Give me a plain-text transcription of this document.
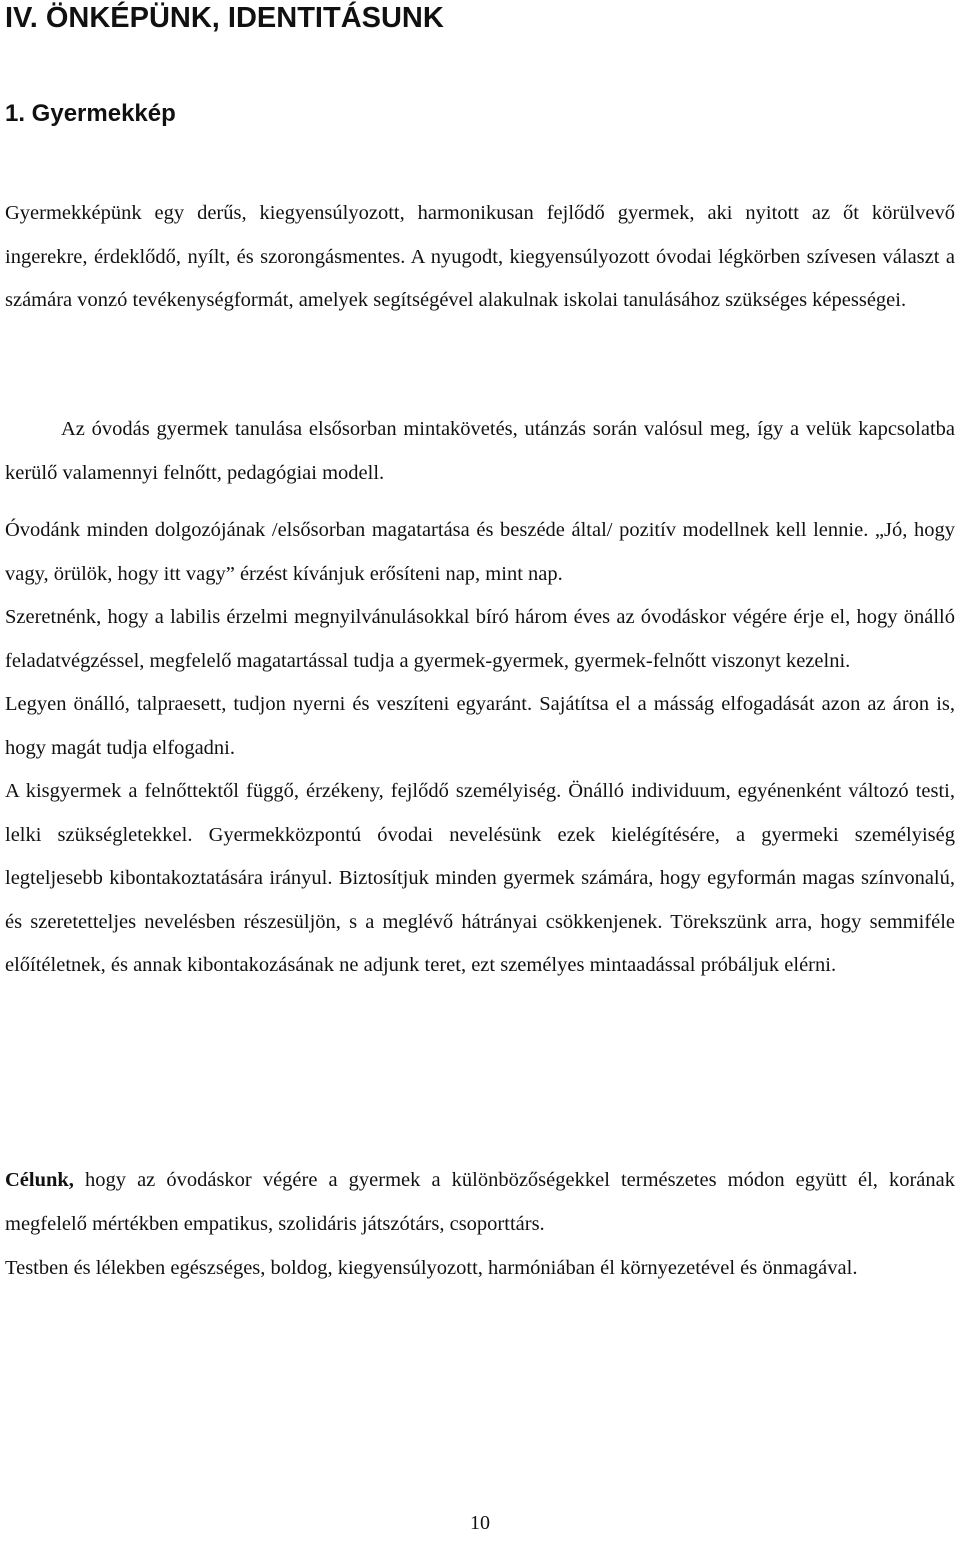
IV. ÖNKÉPÜNK, IDENTITÁSUNK
1. Gyermekkép

Gyermekképünk egy derűs, kiegyensúlyozott, harmonikusan fejlődő gyermek, aki nyitott az őt körülvevő ingerekre, érdeklődő, nyílt, és szorongásmentes. A nyugodt, kiegyensúlyozott óvodai légkörben szívesen választ a számára vonzó tevékenységformát, amelyek segítségével alakulnak iskolai tanulásához szükséges képességei.

Az óvodás gyermek tanulása elsősorban mintakövetés, utánzás során valósul meg, így a velük kapcsolatba kerülő valamennyi felnőtt, pedagógiai modell.

Óvodánk minden dolgozójának /elsősorban magatartása és beszéde által/ pozitív modellnek kell lennie. „Jó, hogy vagy, örülök, hogy itt vagy” érzést kívánjuk erősíteni nap, mint nap.

Szeretnénk, hogy a labilis érzelmi megnyilvánulásokkal bíró három éves az óvodáskor végére érje el, hogy önálló feladatvégzéssel, megfelelő magatartással tudja a gyermek-gyermek, gyermek-felnőtt viszonyt kezelni.

Legyen önálló, talpraesett, tudjon nyerni és veszíteni egyaránt. Sajátítsa el a másság elfogadását azon az áron is, hogy magát tudja elfogadni.

A kisgyermek a felnőttektől függő, érzékeny, fejlődő személyiség. Önálló individuum, egyénenként változó testi, lelki szükségletekkel. Gyermekközpontú óvodai nevelésünk ezek kielégítésére, a gyermeki személyiség legteljesebb kibontakoztatására irányul. Biztosítjuk minden gyermek számára, hogy egyformán magas színvonalú, és szeretetteljes nevelésben részesüljön, s a meglévő hátrányai csökkenjenek. Törekszünk arra, hogy semmiféle előítéletnek, és annak kibontakozásának ne adjunk teret, ezt személyes mintaadással próbáljuk elérni.

Célunk, hogy az óvodáskor végére a gyermek a különbözőségekkel természetes módon együtt él, korának megfelelő mértékben empatikus, szolidáris játszótárs, csoporttárs.

Testben és lélekben egészséges, boldog, kiegyensúlyozott, harmóniában él környezetével és önmagával.

10
